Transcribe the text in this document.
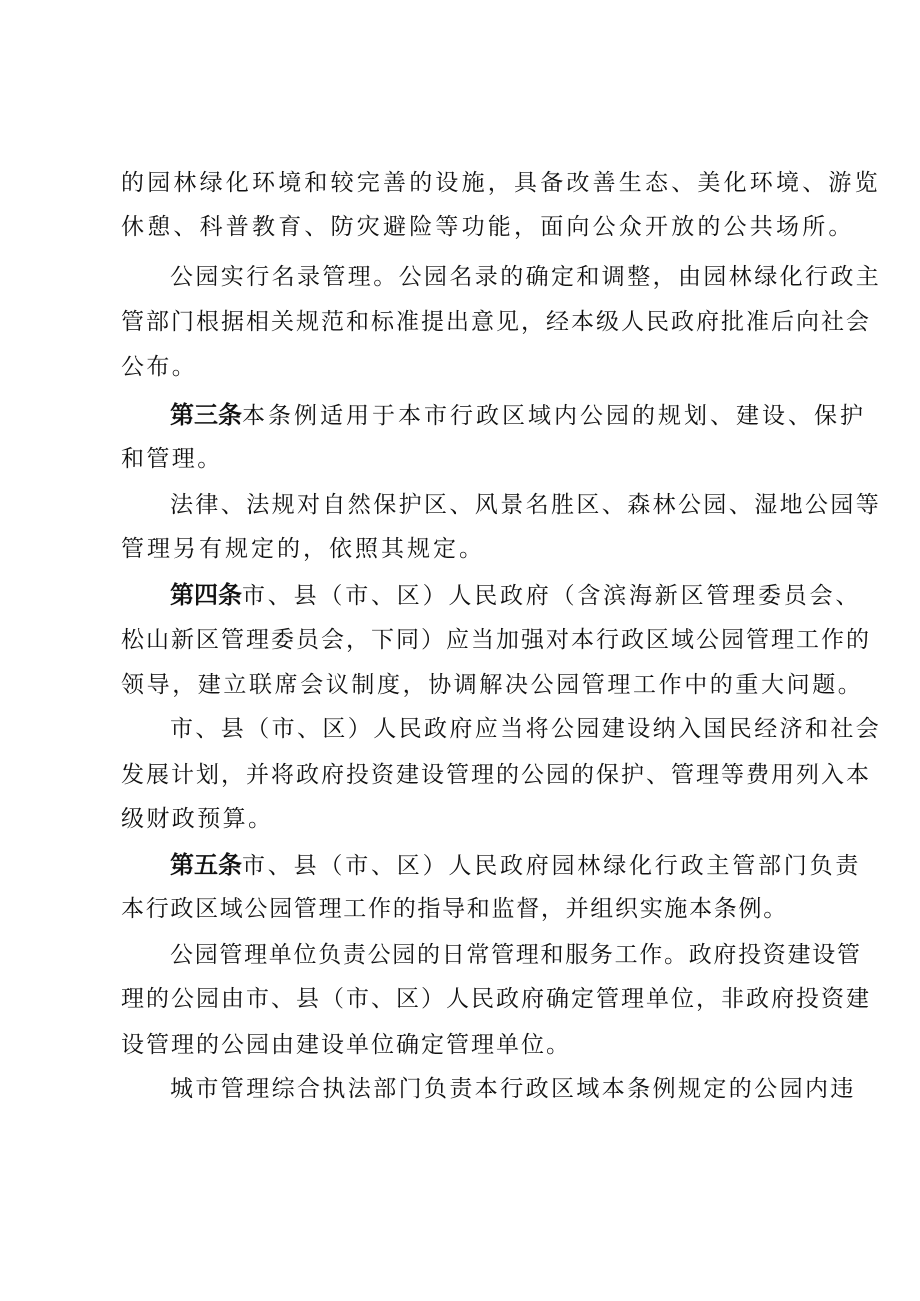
的园林绿化环境和较完善的设施，具备改善生态、美化环境、游览
休憩、科普教育、防灾避险等功能，面向公众开放的公共场所。
公园实行名录管理。公园名录的确定和调整，由园林绿化行政主
管部门根据相关规范和标准提出意见，经本级人民政府批准后向社会
公布。
第三条本条例适用于本市行政区域内公园的规划、建设、保护
和管理。
法律、法规对自然保护区、风景名胜区、森林公园、湿地公园等
管理另有规定的，依照其规定。
第四条市、县（市、区）人民政府（含滨海新区管理委员会、
松山新区管理委员会，下同）应当加强对本行政区域公园管理工作的
领导，建立联席会议制度，协调解决公园管理工作中的重大问题。
市、县（市、区）人民政府应当将公园建设纳入国民经济和社会
发展计划，并将政府投资建设管理的公园的保护、管理等费用列入本
级财政预算。
第五条市、县（市、区）人民政府园林绿化行政主管部门负责
本行政区域公园管理工作的指导和监督，并组织实施本条例。
公园管理单位负责公园的日常管理和服务工作。政府投资建设管
理的公园由市、县（市、区）人民政府确定管理单位，非政府投资建
设管理的公园由建设单位确定管理单位。
城市管理综合执法部门负责本行政区域本条例规定的公园内违
